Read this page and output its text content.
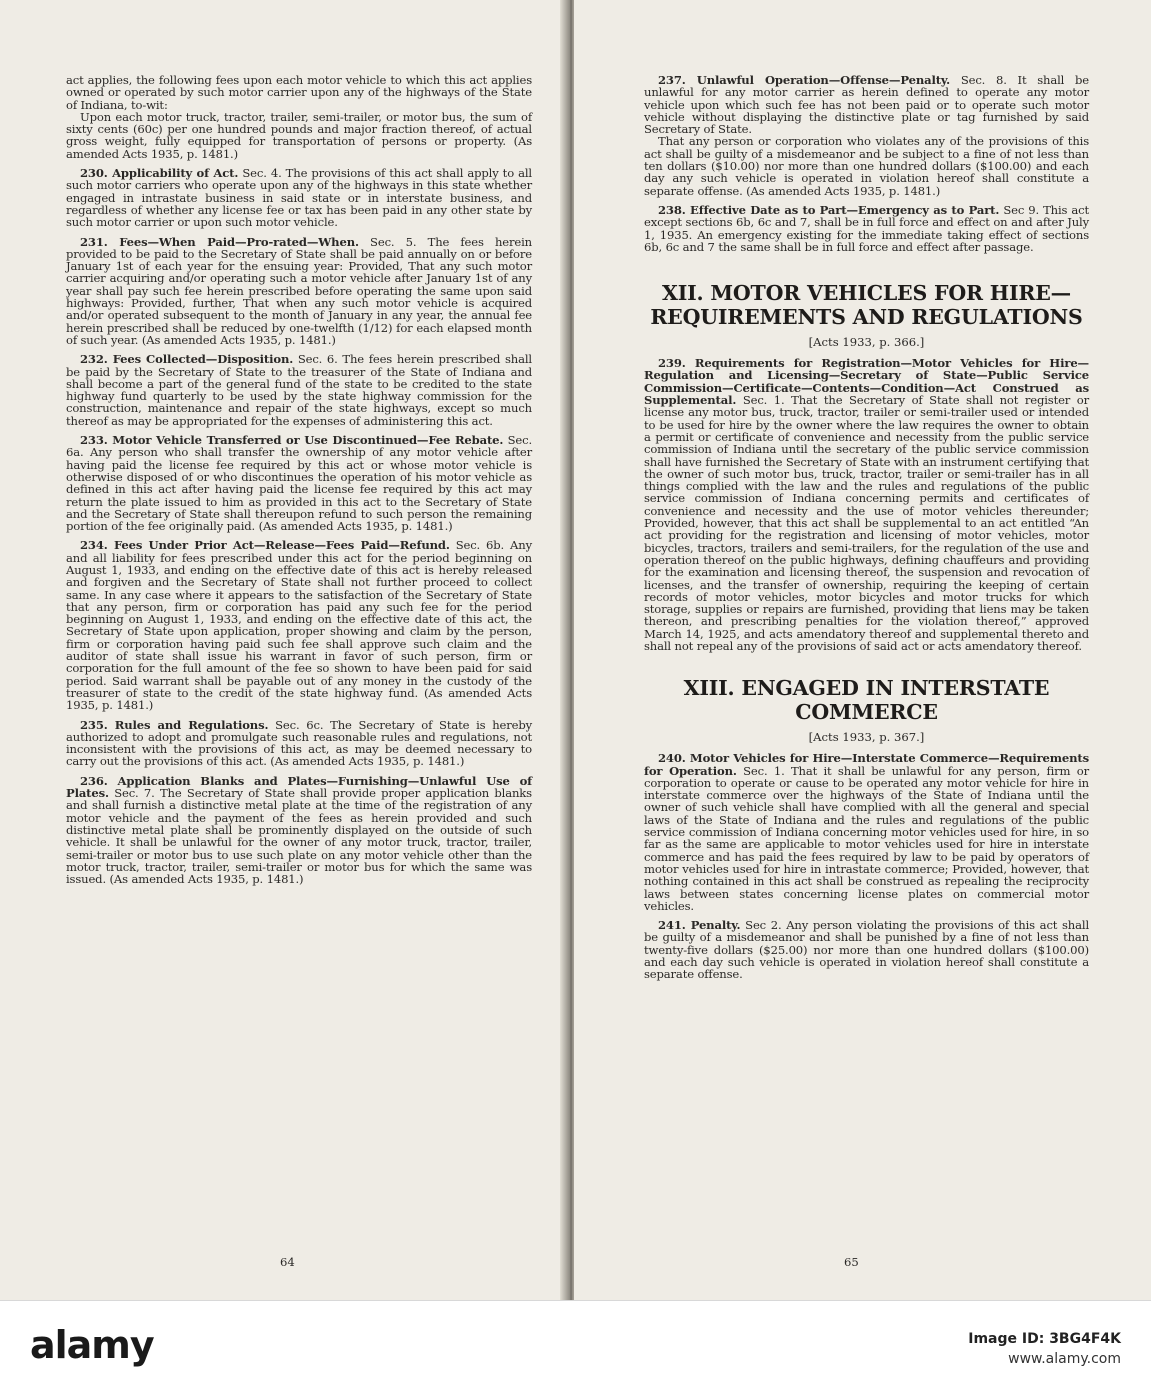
act applies, the following fees upon each motor vehicle to which this act applies owned or operated by such motor carrier upon any of the highways of the State of Indiana, to-wit:

Upon each motor truck, tractor, trailer, semi-trailer, or motor bus, the sum of sixty cents (60c) per one hundred pounds and major fraction thereof, of actual gross weight, fully equipped for transportation of persons or property. (As amended Acts 1935, p. 1481.)

230. Applicability of Act. Sec. 4. The provisions of this act shall apply to all such motor carriers who operate upon any of the highways in this state whether engaged in intrastate business in said state or in interstate business, and regardless of whether any license fee or tax has been paid in any other state by such motor carrier or upon such motor vehicle.

231. Fees—When Paid—Pro-rated—When. Sec. 5. The fees herein provided to be paid to the Secretary of State shall be paid annually on or before January 1st of each year for the ensuing year: Provided, That any such motor carrier acquiring and/or operating such a motor vehicle after January 1st of any year shall pay such fee herein prescribed before operating the same upon said highways: Provided, further, That when any such motor vehicle is acquired and/or operated subsequent to the month of January in any year, the annual fee herein prescribed shall be reduced by one-twelfth (1/12) for each elapsed month of such year. (As amended Acts 1935, p. 1481.)

232. Fees Collected—Disposition. Sec. 6. The fees herein prescribed shall be paid by the Secretary of State to the treasurer of the State of Indiana and shall become a part of the general fund of the state to be credited to the state highway fund quarterly to be used by the state highway commission for the construction, maintenance and repair of the state highways, except so much thereof as may be appropriated for the expenses of administering this act.

233. Motor Vehicle Transferred or Use Discontinued—Fee Rebate. Sec. 6a. Any person who shall transfer the ownership of any motor vehicle after having paid the license fee required by this act or whose motor vehicle is otherwise disposed of or who discontinues the operation of his motor vehicle as defined in this act after having paid the license fee required by this act may return the plate issued to him as provided in this act to the Secretary of State and the Secretary of State shall thereupon refund to such person the remaining portion of the fee originally paid. (As amended Acts 1935, p. 1481.)

234. Fees Under Prior Act—Release—Fees Paid—Refund. Sec. 6b. Any and all liability for fees prescribed under this act for the period beginning on August 1, 1933, and ending on the effective date of this act is hereby released and forgiven and the Secretary of State shall not further proceed to collect same. In any case where it appears to the satisfaction of the Secretary of State that any person, firm or corporation has paid any such fee for the period beginning on August 1, 1933, and ending on the effective date of this act, the Secretary of State upon application, proper showing and claim by the person, firm or corporation having paid such fee shall approve such claim and the auditor of state shall issue his warrant in favor of such person, firm or corporation for the full amount of the fee so shown to have been paid for said period. Said warrant shall be payable out of any money in the custody of the treasurer of state to the credit of the state highway fund. (As amended Acts 1935, p. 1481.)

235. Rules and Regulations. Sec. 6c. The Secretary of State is hereby authorized to adopt and promulgate such reasonable rules and regulations, not inconsistent with the provisions of this act, as may be deemed necessary to carry out the provisions of this act. (As amended Acts 1935, p. 1481.)

236. Application Blanks and Plates—Furnishing—Unlawful Use of Plates. Sec. 7. The Secretary of State shall provide proper application blanks and shall furnish a distinctive metal plate at the time of the registration of any motor vehicle and the payment of the fees as herein provided and such distinctive metal plate shall be prominently displayed on the outside of such vehicle. It shall be unlawful for the owner of any motor truck, tractor, trailer, semi-trailer or motor bus to use such plate on any motor vehicle other than the motor truck, tractor, trailer, semi-trailer or motor bus for which the same was issued. (As amended Acts 1935, p. 1481.)

64

237. Unlawful Operation—Offense—Penalty. Sec. 8. It shall be unlawful for any motor carrier as herein defined to operate any motor vehicle upon which such fee has not been paid or to operate such motor vehicle without displaying the distinctive plate or tag furnished by said Secretary of State.

That any person or corporation who violates any of the provisions of this act shall be guilty of a misdemeanor and be subject to a fine of not less than ten dollars ($10.00) nor more than one hundred dollars ($100.00) and each day any such vehicle is operated in violation hereof shall constitute a separate offense. (As amended Acts 1935, p. 1481.)

238. Effective Date as to Part—Emergency as to Part. Sec 9. This act except sections 6b, 6c and 7, shall be in full force and effect on and after July 1, 1935. An emergency existing for the immediate taking effect of sections 6b, 6c and 7 the same shall be in full force and effect after passage.

XII. MOTOR VEHICLES FOR HIRE—
REQUIREMENTS AND REGULATIONS
[Acts 1933, p. 366.]

239. Requirements for Registration—Motor Vehicles for Hire—Regulation and Licensing—Secretary of State—Public Service Commission—Certificate—Contents—Condition—Act Construed as Supplemental. Sec. 1. That the Secretary of State shall not register or license any motor bus, truck, tractor, trailer or semi-trailer used or intended to be used for hire by the owner where the law requires the owner to obtain a permit or certificate of convenience and necessity from the public service commission of Indiana until the secretary of the public service commission shall have furnished the Secretary of State with an instrument certifying that the owner of such motor bus, truck, tractor, trailer or semi-trailer has in all things complied with the law and the rules and regulations of the public service commission of Indiana concerning permits and certificates of convenience and necessity and the use of motor vehicles thereunder; Provided, however, that this act shall be supplemental to an act entitled “An act providing for the registration and licensing of motor vehicles, motor bicycles, tractors, trailers and semi-trailers, for the regulation of the use and operation thereof on the public highways, defining chauffeurs and providing for the examination and licensing thereof, the suspension and revocation of licenses, and the transfer of ownership, requiring the keeping of certain records of motor vehicles, motor bicycles and motor trucks for which storage, supplies or repairs are furnished, providing that liens may be taken thereon, and prescribing penalties for the violation thereof,” approved March 14, 1925, and acts amendatory thereof and supplemental thereto and shall not repeal any of the provisions of said act or acts amendatory thereof.

XIII. ENGAGED IN INTERSTATE
COMMERCE
[Acts 1933, p. 367.]

240. Motor Vehicles for Hire—Interstate Commerce—Requirements for Operation. Sec. 1. That it shall be unlawful for any person, firm or corporation to operate or cause to be operated any motor vehicle for hire in interstate commerce over the highways of the State of Indiana until the owner of such vehicle shall have complied with all the general and special laws of the State of Indiana and the rules and regulations of the public service commission of Indiana concerning motor vehicles used for hire, in so far as the same are applicable to motor vehicles used for hire in interstate commerce and has paid the fees required by law to be paid by operators of motor vehicles used for hire in intrastate commerce; Provided, however, that nothing contained in this act shall be construed as repealing the reciprocity laws between states concerning license plates on commercial motor vehicles.

241. Penalty. Sec 2. Any person violating the provisions of this act shall be guilty of a misdemeanor and shall be punished by a fine of not less than twenty-five dollars ($25.00) nor more than one hundred dollars ($100.00) and each day such vehicle is operated in violation hereof shall constitute a separate offense.

65
alamy	Image ID: 3BG4F4K
www.alamy.com
